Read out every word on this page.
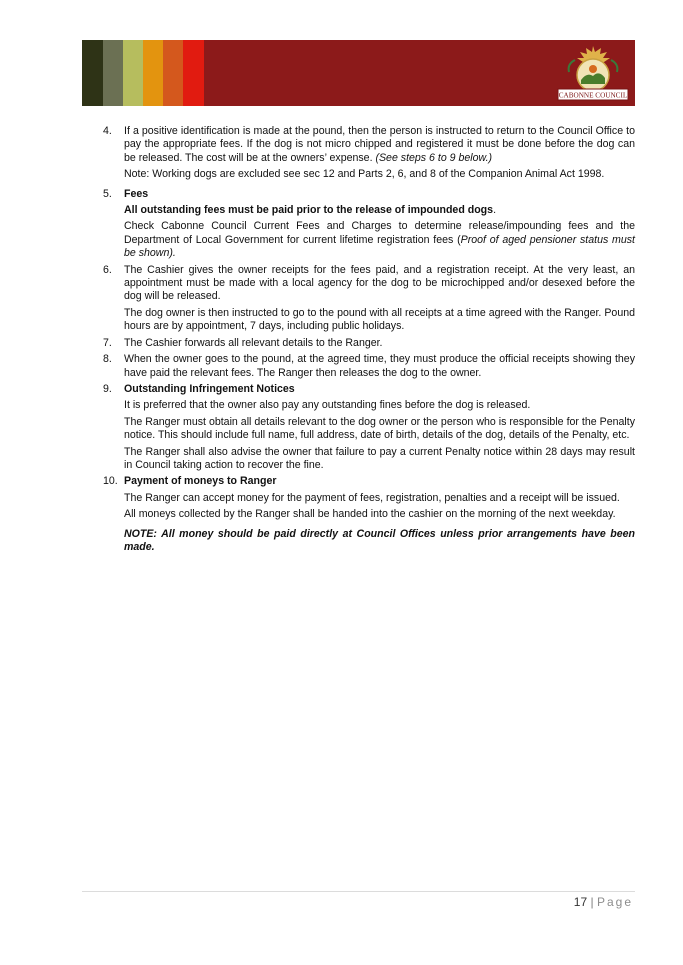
CABONNE COUNCIL
4.	If a positive identification is made at the pound, then the person is instructed to return to the Council Office to pay the appropriate fees. If the dog is not micro chipped and registered it must be done before the dog can be released. The cost will be at the owners’ expense. (See steps 6 to 9 below.)
Note: Working dogs are excluded see sec 12 and Parts 2, 6, and 8 of the Companion Animal Act 1998.
5.	Fees
All outstanding fees must be paid prior to the release of impounded dogs.
Check Cabonne Council Current Fees and Charges to determine release/impounding fees and the Department of Local Government for current lifetime registration fees (Proof of aged pensioner status must be shown).
6.	The Cashier gives the owner receipts for the fees paid, and a registration receipt. At the very least, an appointment must be made with a local agency for the dog to be microchipped and/or desexed before the dog will be released.
The dog owner is then instructed to go to the pound with all receipts at a time agreed with the Ranger. Pound hours are by appointment, 7 days, including public holidays.
7.	The Cashier forwards all relevant details to the Ranger.
8.	When the owner goes to the pound, at the agreed time, they must produce the official receipts showing they have paid the relevant fees. The Ranger then releases the dog to the owner.
9.	Outstanding Infringement Notices
It is preferred that the owner also pay any outstanding fines before the dog is released.
The Ranger must obtain all details relevant to the dog owner or the person who is responsible for the Penalty notice. This should include full name, full address, date of birth, details of the dog, details of the Penalty, etc.
The Ranger shall also advise the owner that failure to pay a current Penalty notice within 28 days may result in Council taking action to recover the fine.
10. Payment of moneys to Ranger
The Ranger can accept money for the payment of fees, registration, penalties and a receipt will be issued.
All moneys collected by the Ranger shall be handed into the cashier on the morning of the next weekday.
NOTE: All money should be paid directly at Council Offices unless prior arrangements have been made.
17 | Page
